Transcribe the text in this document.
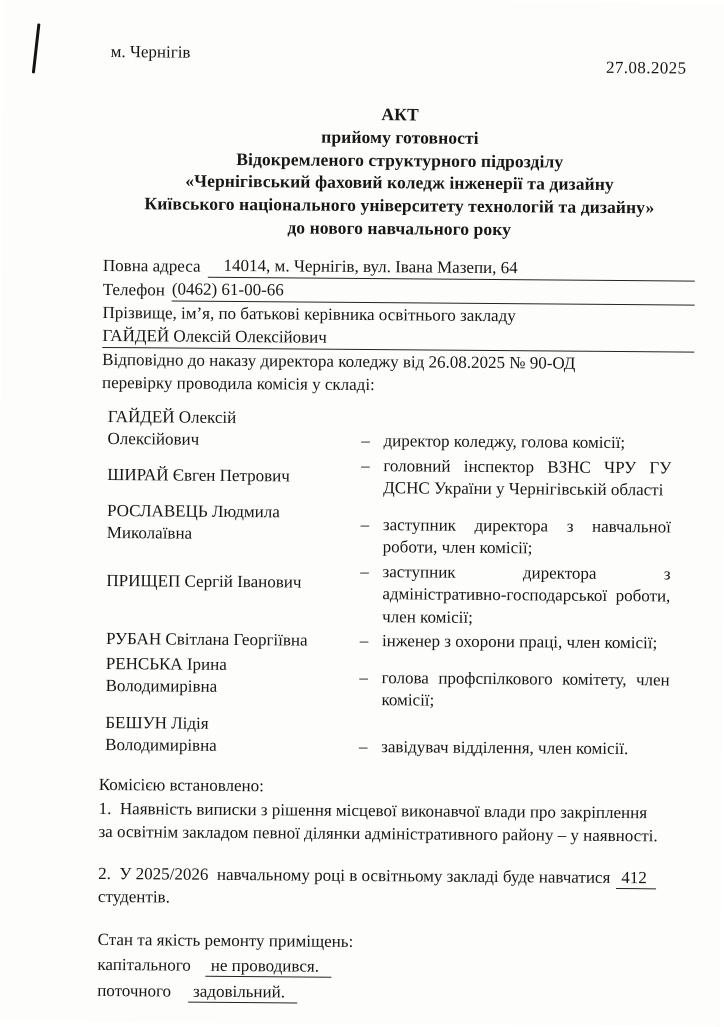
м. Чернігів
27.08.2025
АКТ
прийому готовності
Відокремленого структурного підрозділу
«Чернігівський фаховий коледж інженерії та дизайну
Київського національного університету технологій та дизайну»
до нового навчального року
Повна адреса	14014, м. Чернігів, вул. Івана Мазепи, 64
Телефон (0462) 61-00-66
Прізвище, ім’я, по батькові керівника освітнього закладу
ГАЙДЕЙ Олексій Олексійович
Відповідно до наказу директора коледжу від 26.08.2025 № 90-ОД
перевірку проводила комісія у складі:
ГАЙДЕЙ Олексій
Олексійович	– директор коледжу, голова комісії;
ШИРАЙ Євген Петрович	– головний інспектор ВЗНС ЧРУ ГУ ДСНС України у Чернігівській області
РОСЛАВЕЦЬ Людмила
Миколаївна	– заступник директора з навчальної роботи, член комісії;
ПРИЩЕП Сергій Іванович	– заступник директора з адміністративно-господарської роботи, член комісії;
РУБАН Світлана Георгіївна	– інженер з охорони праці, член комісії;
РЕНСЬКА Ірина
Володимирівна	– голова профспілкового комітету, член комісії;
БЕШУН Лідія
Володимирівна	– завідувач відділення, член комісії.
Комісією встановлено:
1.  Наявність виписки з рішення місцевої виконавчої влади про закріплення
за освітнім закладом певної ділянки адміністративного району – у наявності.
2.  У 2025/2026  навчальному році в освітньому закладі буде навчатися 412
студентів.
Стан та якість ремонту приміщень:
капітального не проводився.
поточного задовільний.
